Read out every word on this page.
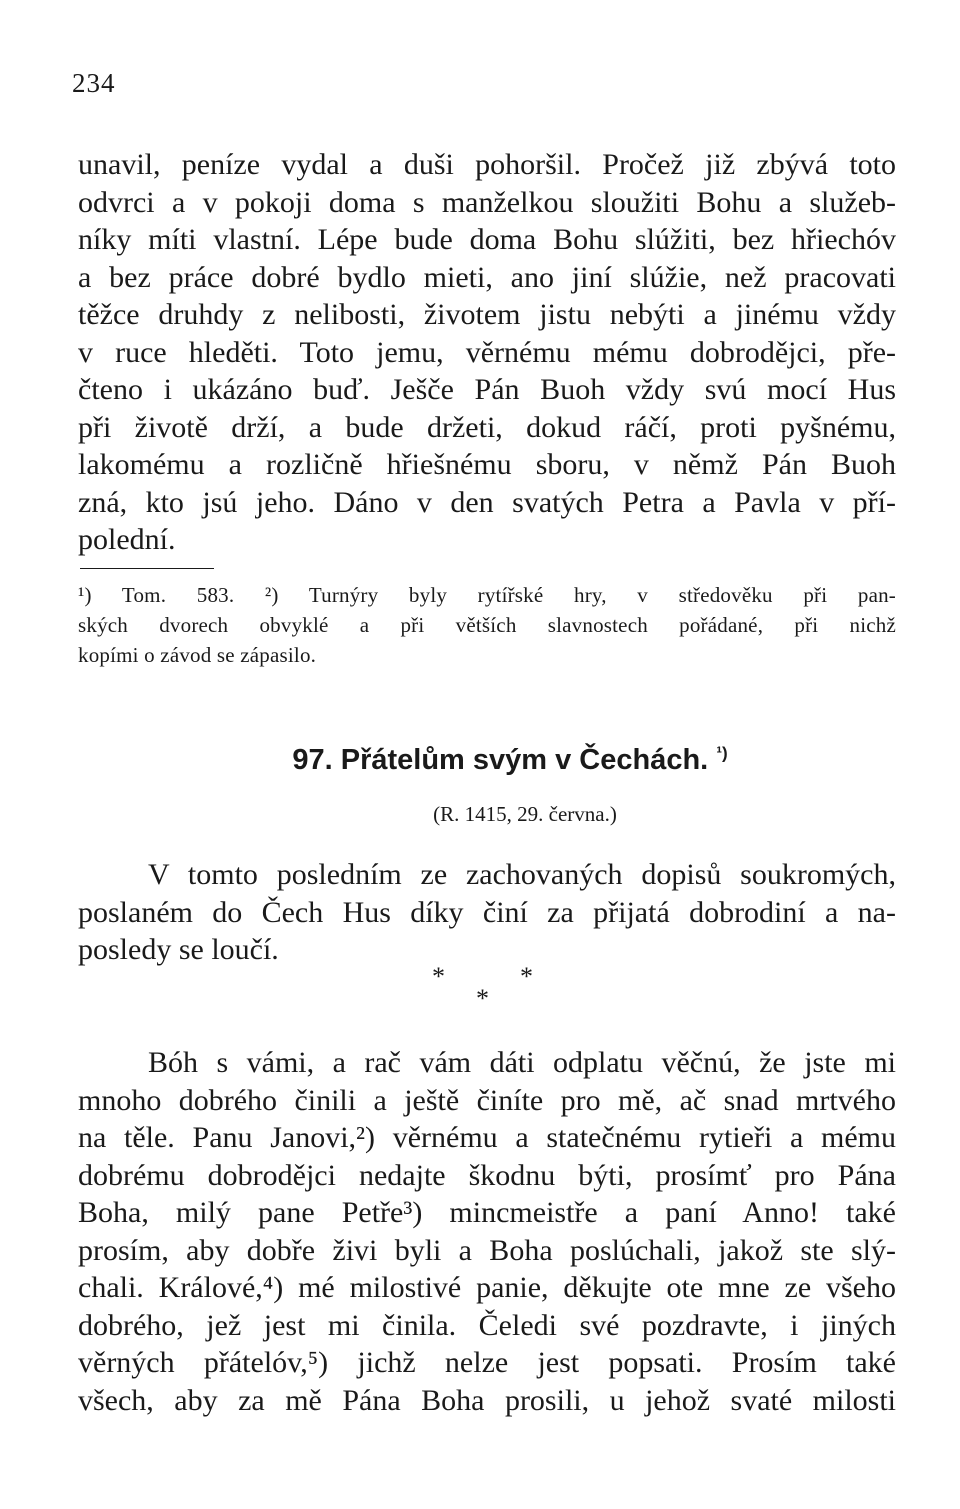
234
unavil, peníze vydal a duši pohoršil. Pročež již zbývá toto
odvrci a v pokoji doma s manželkou sloužiti Bohu a služeb-
níky míti vlastní. Lépe bude doma Bohu slúžiti, bez hřiechóv
a bez práce dobré bydlo mieti, ano jiní slúžie, než pracovati
těžce druhdy z nelibosti, životem jistu nebýti a jinému vždy
v ruce hleděti. Toto jemu, věrnému mému dobrodějci, pře-
čteno i ukázáno buď. Ješče Pán Buoh vždy svú mocí Hus
při životě drží, a bude držeti, dokud ráčí, proti pyšnému,
lakomému a rozličně hřiešnému sboru, v němž Pán Buoh
zná, kto jsú jeho. Dáno v den svatých Petra a Pavla v pří-
polední.
¹) Tom. 583. ²) Turnýry byly rytířské hry, v středověku při pan-
ských dvorech obvyklé a při větších slavnostech pořádané, při nichž
kopími o závod se zápasilo.
97. Přátelům svým v Čechách. $^{^1)}$
(R. 1415, 29. června.)
V tomto posledním ze zachovaných dopisů soukromých,
poslaném do Čech Hus díky činí za přijatá dobrodiní a na-
posledy se loučí.
*	*
*
Bóh s vámi, a rač vám dáti odplatu věčnú, že jste mi
mnoho dobrého činili a ještě činíte pro mě, ač snad mrtvého
na těle. Panu Janovi,²) věrnému a statečnému rytieři a mému
dobrému dobrodějci nedajte škodnu býti, prosímť pro Pána
Boha, milý pane Petře³) mincmeistře a paní Anno! také
prosím, aby dobře živi byli a Boha poslúchali, jakož ste slý-
chali. Králové,⁴) mé milostivé panie, děkujte ote mne ze všeho
dobrého, jež jest mi činila. Čeledi své pozdravte, i jiných
věrných přátelóv,⁵) jichž nelze jest popsati. Prosím také
všech, aby za mě Pána Boha prosili, u jehož svaté milosti
